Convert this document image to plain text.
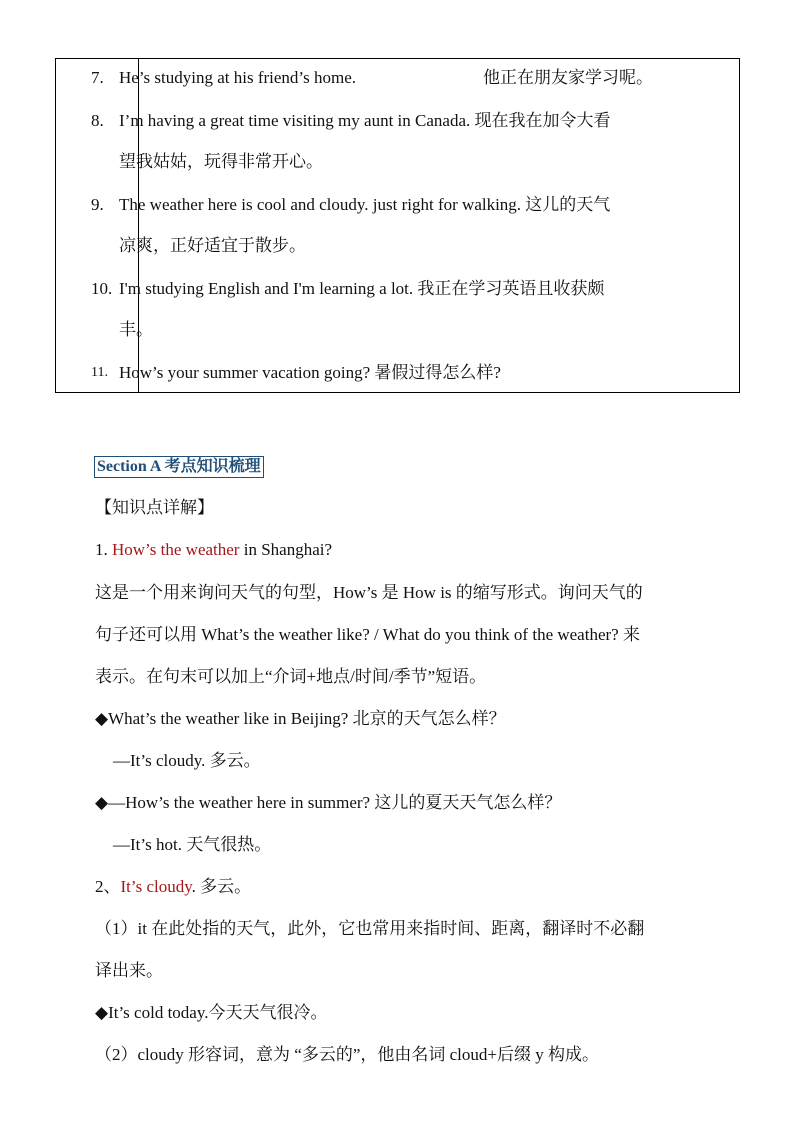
7. He’s studying at his friend’s home.	他正在朋友家学习呢。
8. I’m having a great time visiting my aunt in Canada. 现在我在加令大看
望我姑姑，玩得非常开心。
9. The weather here is cool and cloudy. just right for walking. 这儿的天气
凉爽，正好适宜于散步。
10. I'm studying English and I'm learning a lot. 我正在学习英语且收获颇
丰。
11. How’s your summer vacation going? 暑假过得怎么样?
Section A 考点知识梳理
【知识点详解】
1. How’s the weather in Shanghai?
这是一个用来询问天气的句型，How’s 是 How is 的缩写形式。询问天气的
句子还可以用 What’s the weather like? / What do you think of the weather? 来
表示。在句末可以加上“介词+地点/时间/季节”短语。
◆What’s the weather like in Beijing? 北京的天气怎么样？
—It’s cloudy. 多云。
◆—How’s the weather here in summer? 这儿的夏天天气怎么样？
—It’s hot. 天气很热。
2、It’s cloudy. 多云。
（1）it 在此处指的天气，此外，它也常用来指时间、距离，翻译时不必翻
译出来。
◆It’s cold today.今天天气很冷。
（2）cloudy 形容词，意为 “多云的”，他由名词 cloud+后缀 y 构成。
